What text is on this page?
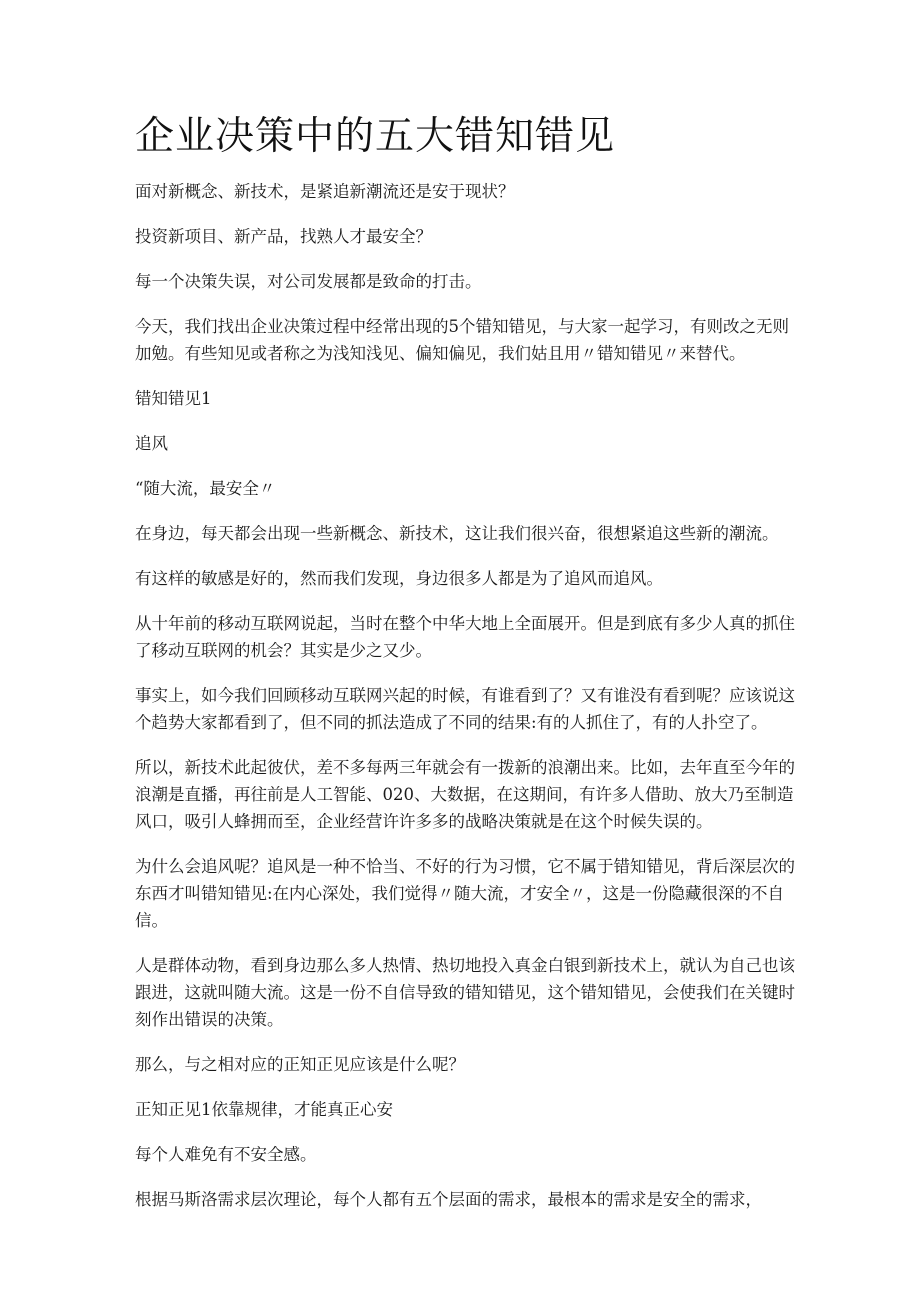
企业决策中的五大错知错见

面对新概念、新技术，是紧追新潮流还是安于现状？

投资新项目、新产品，找熟人才最安全？

每一个决策失误，对公司发展都是致命的打击。

今天，我们找出企业决策过程中经常出现的5个错知错见，与大家一起学习，有则改之无则加勉。有些知见或者称之为浅知浅见、偏知偏见，我们姑且用〃错知错见〃来替代。

错知错见1

追风

“随大流，最安全〃

在身边，每天都会出现一些新概念、新技术，这让我们很兴奋，很想紧追这些新的潮流。

有这样的敏感是好的，然而我们发现，身边很多人都是为了追风而追风。

从十年前的移动互联网说起，当时在整个中华大地上全面展开。但是到底有多少人真的抓住了移动互联网的机会？其实是少之又少。

事实上，如今我们回顾移动互联网兴起的时候，有谁看到了？又有谁没有看到呢？应该说这个趋势大家都看到了，但不同的抓法造成了不同的结果:有的人抓住了，有的人扑空了。

所以，新技术此起彼伏，差不多每两三年就会有一拨新的浪潮出来。比如，去年直至今年的浪潮是直播，再往前是人工智能、020、大数据，在这期间，有许多人借助、放大乃至制造风口，吸引人蜂拥而至，企业经营许许多多的战略决策就是在这个时候失误的。

为什么会追风呢？追风是一种不恰当、不好的行为习惯，它不属于错知错见，背后深层次的东西才叫错知错见:在内心深处，我们觉得〃随大流，才安全〃，这是一份隐藏很深的不自信。

人是群体动物，看到身边那么多人热情、热切地投入真金白银到新技术上，就认为自己也该跟进，这就叫随大流。这是一份不自信导致的错知错见，这个错知错见，会使我们在关键时刻作出错误的决策。

那么，与之相对应的正知正见应该是什么呢？

正知正见1依靠规律，才能真正心安

每个人难免有不安全感。

根据马斯洛需求层次理论，每个人都有五个层面的需求，最根本的需求是安全的需求，
